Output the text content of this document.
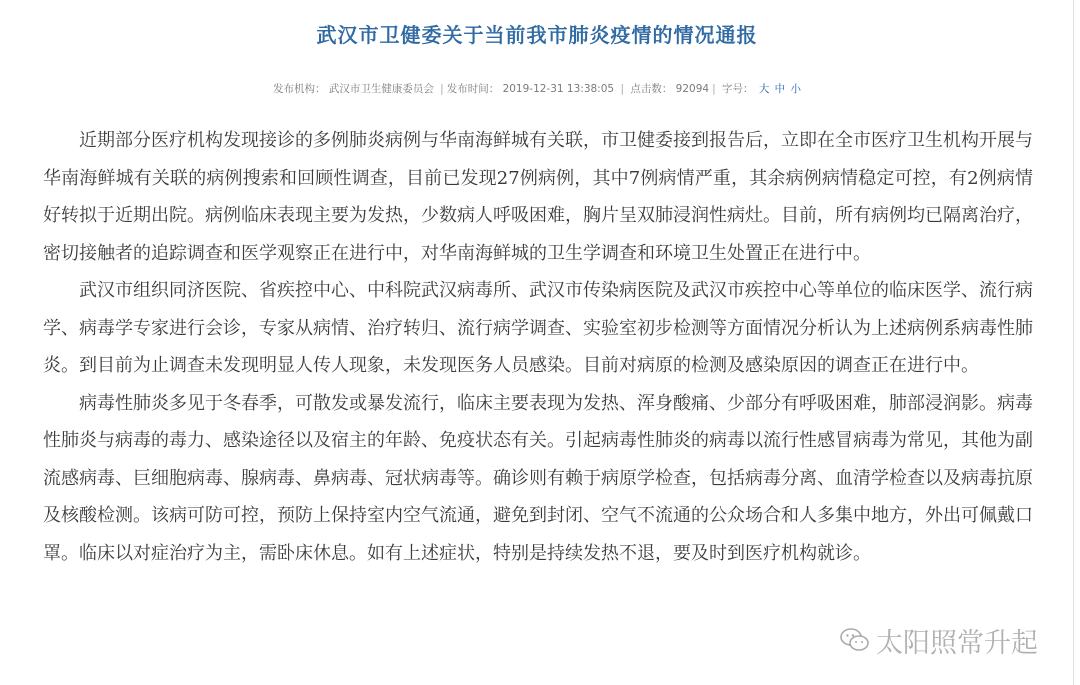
武汉市卫健委关于当前我市肺炎疫情的情况通报
发布机构： 武汉市卫生健康委员会 | 发布时间： 2019-12-31 13:38:05 | 点击数： 92094 | 字号： 大 中 小

近期部分医疗机构发现接诊的多例肺炎病例与华南海鲜城有关联，市卫健委接到报告后，立即在全市医疗卫生机构开展与华南海鲜城有关联的病例搜索和回顾性调查，目前已发现27例病例，其中7例病情严重，其余病例病情稳定可控，有2例病情好转拟于近期出院。病例临床表现主要为发热，少数病人呼吸困难，胸片呈双肺浸润性病灶。目前，所有病例均已隔离治疗，密切接触者的追踪调查和医学观察正在进行中，对华南海鲜城的卫生学调查和环境卫生处置正在进行中。

武汉市组织同济医院、省疾控中心、中科院武汉病毒所、武汉市传染病医院及武汉市疾控中心等单位的临床医学、流行病学、病毒学专家进行会诊，专家从病情、治疗转归、流行病学调查、实验室初步检测等方面情况分析认为上述病例系病毒性肺炎。到目前为止调查未发现明显人传人现象，未发现医务人员感染。目前对病原的检测及感染原因的调查正在进行中。

病毒性肺炎多见于冬春季，可散发或暴发流行，临床主要表现为发热、浑身酸痛、少部分有呼吸困难，肺部浸润影。病毒性肺炎与病毒的毒力、感染途径以及宿主的年龄、免疫状态有关。引起病毒性肺炎的病毒以流行性感冒病毒为常见，其他为副流感病毒、巨细胞病毒、腺病毒、鼻病毒、冠状病毒等。确诊则有赖于病原学检查，包括病毒分离、血清学检查以及病毒抗原及核酸检测。该病可防可控，预防上保持室内空气流通，避免到封闭、空气不流通的公众场合和人多集中地方，外出可佩戴口罩。临床以对症治疗为主，需卧床休息。如有上述症状，特别是持续发热不退，要及时到医疗机构就诊。

太阳照常升起
